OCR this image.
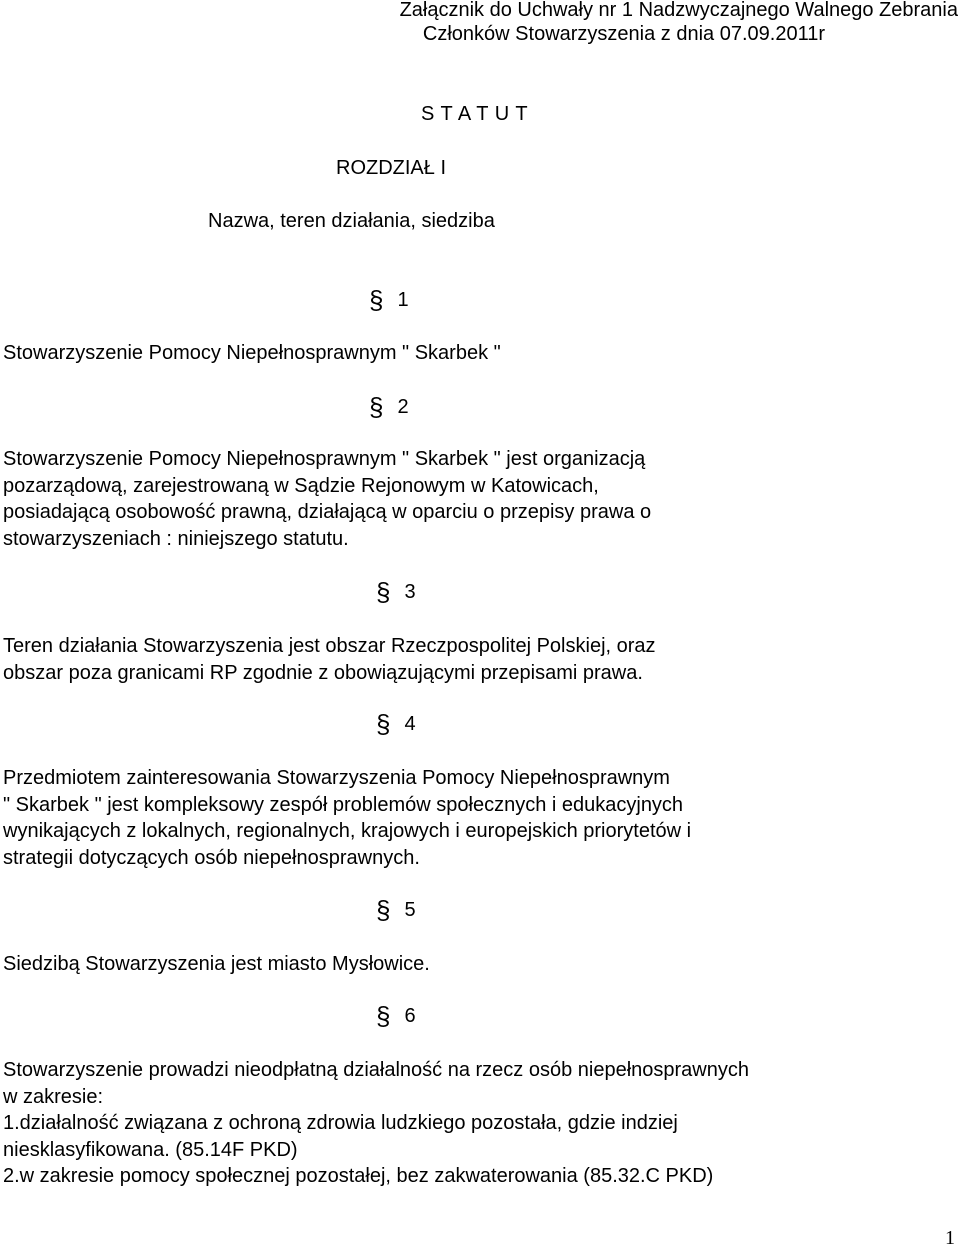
Załącznik do Uchwały nr 1 Nadzwyczajnego Walnego Zebrania
Członków Stowarzyszenia z dnia 07.09.2011r
S T A T U T
ROZDZIAŁ I
Nazwa, teren działania, siedziba
§ 1
Stowarzyszenie Pomocy Niepełnosprawnym " Skarbek "
§ 2
Stowarzyszenie Pomocy Niepełnosprawnym " Skarbek " jest organizacją
pozarządową, zarejestrowaną w Sądzie Rejonowym w Katowicach,
posiadającą osobowość prawną, działającą w oparciu o przepisy prawa o
stowarzyszeniach : niniejszego statutu.
§ 3
Teren działania Stowarzyszenia jest obszar Rzeczpospolitej Polskiej, oraz
obszar poza granicami RP zgodnie z obowiązującymi przepisami prawa.
§ 4
Przedmiotem zainteresowania Stowarzyszenia Pomocy Niepełnosprawnym
" Skarbek " jest kompleksowy zespół problemów społecznych i edukacyjnych
wynikających z lokalnych, regionalnych, krajowych i europejskich priorytetów i
strategii dotyczących osób niepełnosprawnych.
§ 5
Siedzibą Stowarzyszenia jest miasto Mysłowice.
§ 6
Stowarzyszenie prowadzi nieodpłatną działalność na rzecz osób niepełnosprawnych
w zakresie:
1.działalność związana z ochroną zdrowia ludzkiego pozostała, gdzie indziej
niesklasyfikowana. (85.14F PKD)
2.w zakresie pomocy społecznej pozostałej, bez zakwaterowania (85.32.C PKD)
1
